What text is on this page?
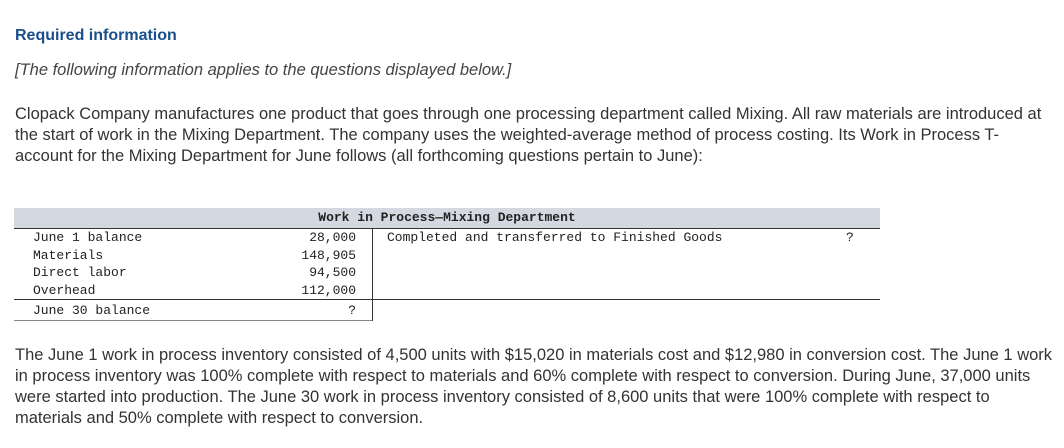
Required information
[The following information applies to the questions displayed below.]

Clopack Company manufactures one product that goes through one processing department called Mixing. All raw materials are introduced at the start of work in the Mixing Department. The company uses the weighted-average method of process costing. Its Work in Process T-account for the Mixing Department for June follows (all forthcoming questions pertain to June):

Work in Process—Mixing Department
June 1 balance	28,000
Materials	148,905
Direct labor	94,500
Overhead	112,000
June 30 balance	?
Completed and transferred to Finished Goods	?

The June 1 work in process inventory consisted of 4,500 units with $15,020 in materials cost and $12,980 in conversion cost. The June 1 work in process inventory was 100% complete with respect to materials and 60% complete with respect to conversion. During June, 37,000 units were started into production. The June 30 work in process inventory consisted of 8,600 units that were 100% complete with respect to materials and 50% complete with respect to conversion.
